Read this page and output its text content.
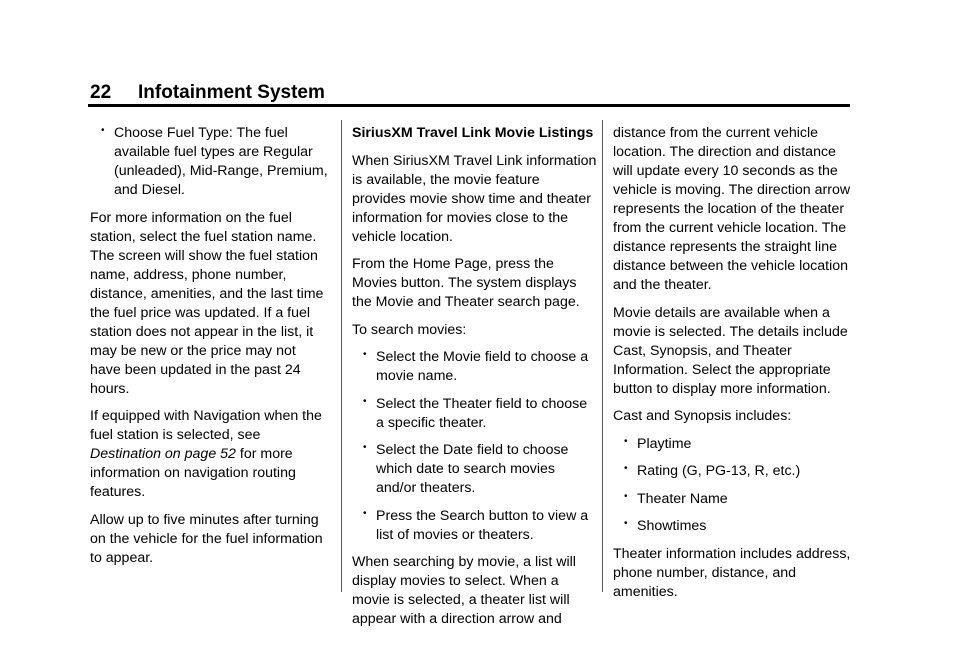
22 Infotainment System
• Choose Fuel Type: The fuel available fuel types are Regular (unleaded), Mid-Range, Premium, and Diesel.

For more information on the fuel station, select the fuel station name. The screen will show the fuel station name, address, phone number, distance, amenities, and the last time the fuel price was updated. If a fuel station does not appear in the list, it may be new or the price may not have been updated in the past 24 hours.

If equipped with Navigation when the fuel station is selected, see Destination on page 52 for more information on navigation routing features.

Allow up to five minutes after turning on the vehicle for the fuel information to appear.

SiriusXM Travel Link Movie Listings

When SiriusXM Travel Link information is available, the movie feature provides movie show time and theater information for movies close to the vehicle location.

From the Home Page, press the Movies button. The system displays the Movie and Theater search page.

To search movies:

• Select the Movie field to choose a movie name.
• Select the Theater field to choose a specific theater.
• Select the Date field to choose which date to search movies and/or theaters.
• Press the Search button to view a list of movies or theaters.

When searching by movie, a list will display movies to select. When a movie is selected, a theater list will appear with a direction arrow and

distance from the current vehicle location. The direction and distance will update every 10 seconds as the vehicle is moving. The direction arrow represents the location of the theater from the current vehicle location. The distance represents the straight line distance between the vehicle location and the theater.

Movie details are available when a movie is selected. The details include Cast, Synopsis, and Theater Information. Select the appropriate button to display more information.

Cast and Synopsis includes:

• Playtime
• Rating (G, PG-13, R, etc.)
• Theater Name
• Showtimes

Theater information includes address, phone number, distance, and amenities.
